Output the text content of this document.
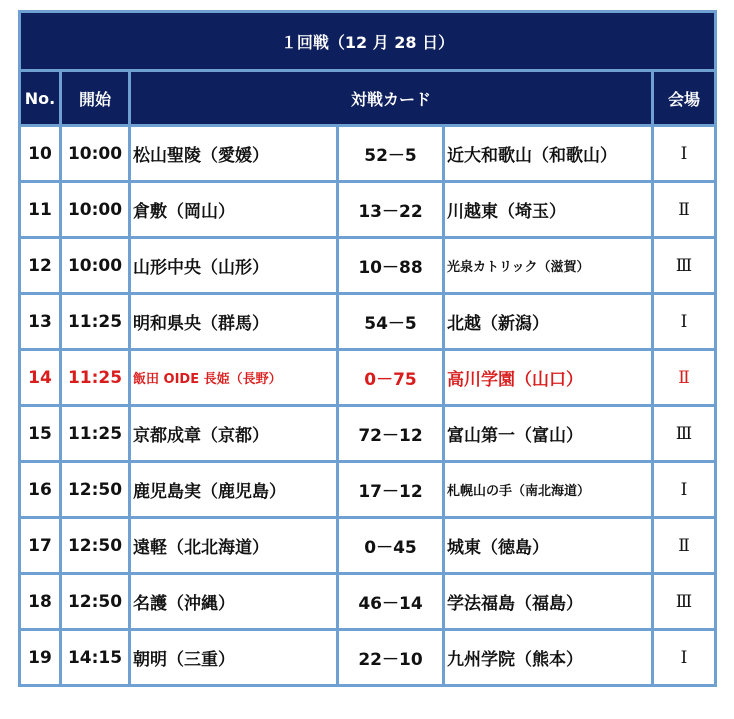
１回戦（12 月 28 日）					
No.	開始	対戦カード			会場
10	10:00	松山聖陵（愛媛）	52－5	近大和歌山（和歌山）	Ⅰ
11	10:00	倉敷（岡山）	13－22	川越東（埼玉）	Ⅱ
12	10:00	山形中央（山形）	10－88	光泉カトリック（滋賀）	Ⅲ
13	11:25	明和県央（群馬）	54－5	北越（新潟）	Ⅰ
14	11:25	飯田 OIDE 長姫（長野）	0－75	高川学園（山口）	Ⅱ
15	11:25	京都成章（京都）	72－12	富山第一（富山）	Ⅲ
16	12:50	鹿児島実（鹿児島）	17－12	札幌山の手（南北海道）	Ⅰ
17	12:50	遠軽（北北海道）	0－45	城東（徳島）	Ⅱ
18	12:50	名護（沖縄）	46－14	学法福島（福島）	Ⅲ
19	14:15	朝明（三重）	22－10	九州学院（熊本）	Ⅰ
